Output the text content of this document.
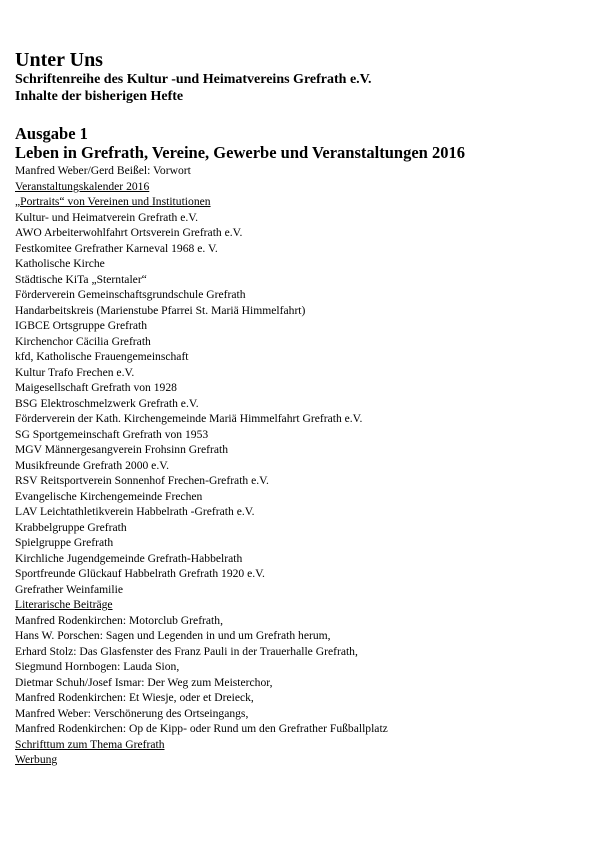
Unter Uns

Schriftenreihe des Kultur -und Heimatvereins Grefrath e.V.

Inhalte der bisherigen Hefte

Ausgabe 1

Leben in Grefrath, Vereine, Gewerbe und Veranstaltungen 2016

Manfred Weber/Gerd Beißel: Vorwort

Veranstaltungskalender 2016

„Portraits“ von Vereinen und Institutionen

Kultur- und Heimatverein Grefrath e.V.

AWO Arbeiterwohlfahrt Ortsverein Grefrath e.V.

Festkomitee Grefrather Karneval 1968 e. V.

Katholische Kirche

Städtische KiTa „Sterntaler“

Förderverein Gemeinschaftsgrundschule Grefrath

Handarbeitskreis (Marienstube Pfarrei St. Mariä Himmelfahrt)

IGBCE Ortsgruppe Grefrath

Kirchenchor Cäcilia Grefrath

kfd, Katholische Frauengemeinschaft

Kultur Trafo Frechen e.V.

Maigesellschaft Grefrath von 1928

BSG Elektroschmelzwerk Grefrath e.V.

Förderverein der Kath. Kirchengemeinde Mariä Himmelfahrt Grefrath e.V.

SG Sportgemeinschaft Grefrath von 1953

MGV Männergesangverein Frohsinn Grefrath

Musikfreunde Grefrath 2000 e.V.

RSV Reitsportverein Sonnenhof Frechen-Grefrath e.V.

Evangelische Kirchengemeinde Frechen

LAV Leichtathletikverein Habbelrath -Grefrath e.V.

Krabbelgruppe Grefrath

Spielgruppe Grefrath

Kirchliche Jugendgemeinde Grefrath-Habbelrath

Sportfreunde Glückauf Habbelrath Grefrath 1920 e.V.

Grefrather Weinfamilie

Literarische Beiträge

Manfred Rodenkirchen: Motorclub Grefrath,

Hans W. Porschen: Sagen und Legenden in und um Grefrath herum,

Erhard Stolz: Das Glasfenster des Franz Pauli in der Trauerhalle Grefrath,

Siegmund Hornbogen: Lauda Sion,

Dietmar Schuh/Josef Ismar: Der Weg zum Meisterchor,

Manfred Rodenkirchen: Et Wiesje, oder et Dreieck,

Manfred Weber: Verschönerung des Ortseingangs,

Manfred Rodenkirchen: Op de Kipp- oder Rund um den Grefrather Fußballplatz

Schrifttum zum Thema Grefrath

Werbung
